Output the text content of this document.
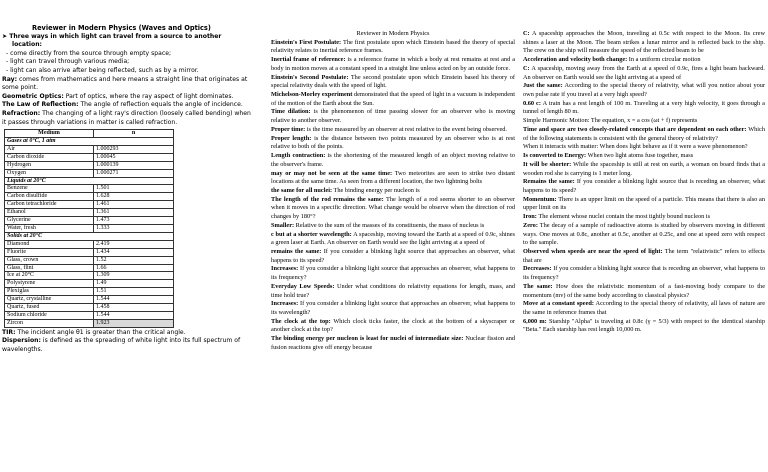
Reviewer in Modern Physics (Waves and Optics)

➤ Three ways in which light can travel from a source to another location:

- come directly from the source through empty space;

- light can travel through various media;

- light can also arrive after being reflected, such as by a mirror.

Ray: comes from mathematics and here means a straight line that originates at some point.

Geometric Optics: Part of optics, where the ray aspect of light dominates.

The Law of Reflection: The angle of reflection equals the angle of incidence.

Refraction: The changing of a light ray's direction (loosely called bending) when it passes through variations in matter is called refraction.

Medium	n
Gases at 0°C, 1 atm	
Air	1.000293
Carbon dioxide	1.00045
Hydrogen	1.000139
Oxygen	1.000271
Liquids at 20°C	
Benzene	1.501
Carbon disulfide	1.628
Carbon tetrachloride	1.461
Ethanol	1.361
Glycerine	1.473
Water, fresh	1.333
Solids at 20°C	
Diamond	2.419
Fluorite	1.434
Glass, crown	1.52
Glass, flint	1.66
Ice at 20°C	1.309
Polystyrene	1.49
Plexiglas	1.51
Quartz, crystalline	1.544
Quartz, fused	1.458
Sodium chloride	1.544
Zircon	1.923

TIR: The incident angle θ1 is greater than the critical angle.

Dispersion: is defined as the spreading of white light into its full spectrum of wavelengths.

Reviewer in Modern Physics

Einstein's First Postulate: The first postulate upon which Einstein based the theory of special relativity relates to inertial reference frames.

Inertial frame of reference: is a reference frame in which a body at rest remains at rest and a body in motion moves at a constant speed in a straight line unless acted on by an outside force.

Einstein's Second Postulate: The second postulate upon which Einstein based his theory of special relativity deals with the speed of light.

Michelson-Morley experiment demonstrated that the speed of light in a vacuum is independent of the motion of the Earth about the Sun.

Time dilation: is the phenomenon of time passing slower for an observer who is moving relative to another observer.

Proper time: is the time measured by an observer at rest relative to the event being observed.

Proper length: is the distance between two points measured by an observer who is at rest relative to both of the points.

Length contraction: is the shortening of the measured length of an object moving relative to the observer's frame.

may or may not be seen at the same time: Two meteorites are seen to strike two distant locations at the same time. As seen from a different location, the two lightning bolts

the same for all nuclei: The binding energy per nucleon is

The length of the rod remains the same: The length of a rod seems shorter to an observer when it moves in a specific direction. What change would be observe when the direction of rod changes by 180°?

Smaller: Relative to the sum of the masses of its constituents, the mass of nucleus is

c but at a shorter wavelength: A spaceship, moving toward the Earth at a speed of 0.9c, shines a green laser at Earth. An observer on Earth would see the light arriving at a speed of

remains the same: If you consider a blinking light source that approaches an observer, what happens to its speed?

Increases: If you consider a blinking light source that approaches an observer, what happens to its frequency?

Everyday Low Speeds: Under what conditions do relativity equations for length, mass, and time hold true?

Increases: If you consider a blinking light source that approaches an observer, what happens to its wavelength?

The clock at the top: Which clock ticks faster, the clock at the bottom of a skyscraper or another clock at the top?

The binding energy per nucleon is least for nuclei of intermediate size: Nuclear fission and fusion reactions give off energy because

C: A spaceship approaches the Moon, traveling at 0.5c with respect to the Moon. Its crew shines a laser at the Moon. The beam strikes a lunar mirror and is reflected back to the ship. The crew on the ship will measure the speed of the reflected beam to be

Acceleration and velocity both change: In a uniform circular motion

C: A spaceship, moving away from the Earth at a speed of 0.9c, fires a light beam backward. An observer on Earth would see the light arriving at a speed of

Just the same: According to the special theory of relativity, what will you notice about your own pulse rate if you travel at a very high speed?

0.60 c: A train has a rest length of 100 m. Traveling at a very high velocity, it goes through a tunnel of length 80 m.

Simple Harmonic Motion: The equation, x = a cos (ωt + f) represents

Time and space are two closely-related concepts that are dependent on each other: Which of the following statements is consistent with the general theory of relativity?

When it interacts with matter: When does light behave as if it were a wave phenomenon?

Is converted to Energy: When two light atoms fuse together, mass

It will be shorter: While the spaceship is still at rest on earth, a woman on board finds that a wooden rod she is carrying is 1 meter long.

Remains the same: If you consider a blinking light source that is receding an observer, what happens to its speed?

Momentum: There is an upper limit on the speed of a particle. This means that there is also an upper limit on its

Iron: The element whose nuclei contain the most tightly bound nucleon is

Zero: The decay of a sample of radioactive atoms is studied by observers moving in different ways. One moves at 0.8c, another at 0.5c, another at 0.25c, and one at speed zero with respect to the sample.

Observed when speeds are near the speed of light: The term "relativistic" refers to effects that are

Decreases: If you consider a blinking light source that is receding an observer, what happens to its frequency?

The same: How does the relativistic momentum of a fast-moving body compare to the momentum (mv) of the same body according to classical physics?

Move at a constant speed: According to the special theory of relativity, all laws of nature are the same in reference frames that

6,000 m: Starship "Alpha" is traveling at 0.8c (γ = 5/3) with respect to the identical starship "Beta." Each starship has rest length 10,000 m.
